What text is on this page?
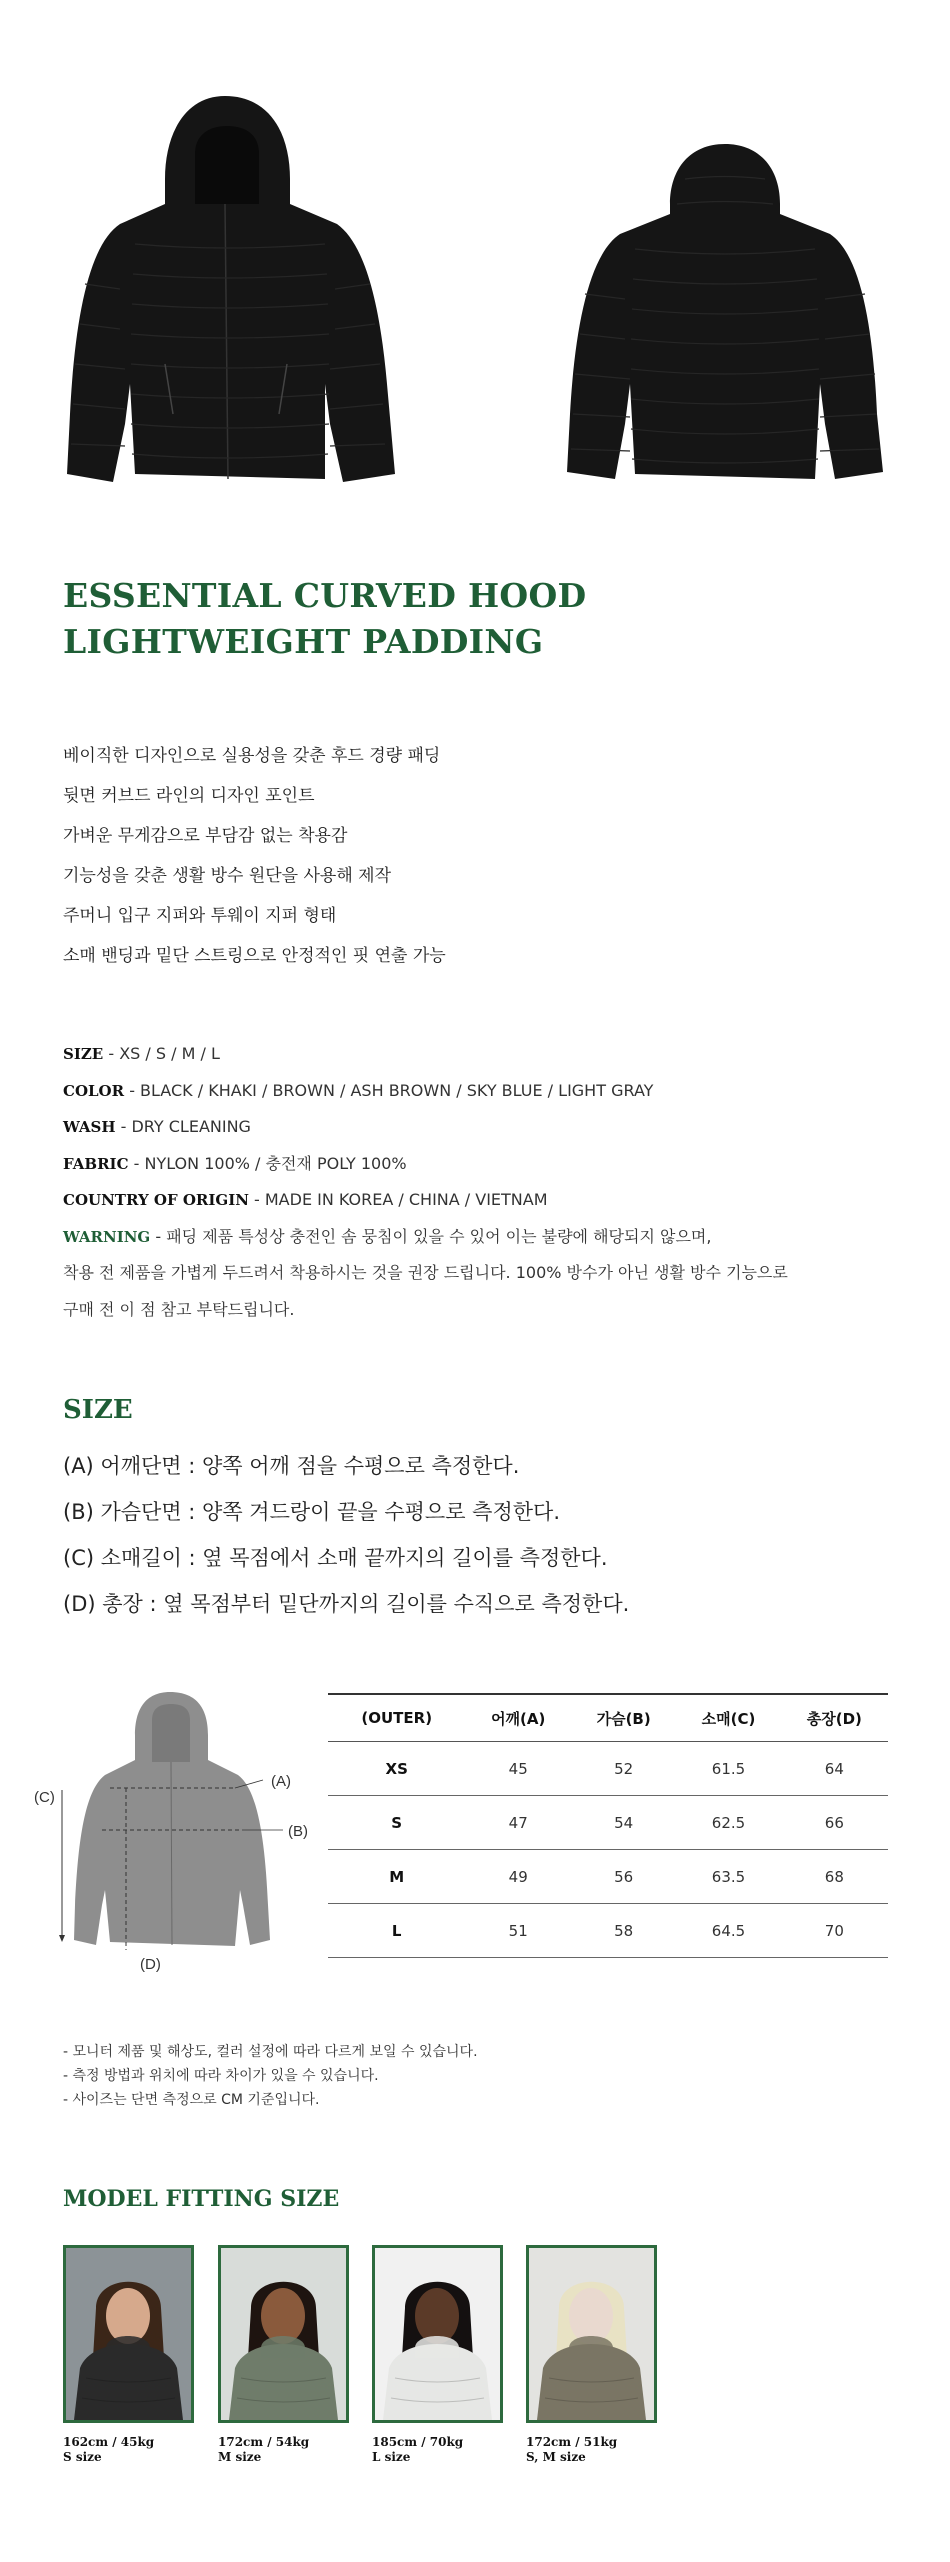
ESSENTIAL CURVED HOOD LIGHTWEIGHT PADDING
베이직한 디자인으로 실용성을 갖춘 후드 경량 패딩
뒷면 커브드 라인의 디자인 포인트
가벼운 무게감으로 부담감 없는 착용감
기능성을 갖춘 생활 방수 원단을 사용해 제작
주머니 입구 지퍼와 투웨이 지퍼 형태
소매 밴딩과 밑단 스트링으로 안정적인 핏 연출 가능
SIZE - XS / S / M / L
COLOR - BLACK / KHAKI / BROWN / ASH BROWN / SKY BLUE / LIGHT GRAY
WASH - DRY CLEANING
FABRIC - NYLON 100% / 충전재 POLY 100%
COUNTRY OF ORIGIN - MADE IN KOREA / CHINA / VIETNAM
WARNING - 패딩 제품 특성상 충전인 솜 뭉침이 있을 수 있어 이는 불량에 해당되지 않으며,
착용 전 제품을 가볍게 두드려서 착용하시는 것을 권장 드립니다. 100% 방수가 아닌 생활 방수 기능으로
구매 전 이 점 참고 부탁드립니다.
SIZE
(A) 어깨단면 : 양쪽 어깨 점을 수평으로 측정한다.
(B) 가슴단면 : 양쪽 겨드랑이 끝을 수평으로 측정한다.
(C) 소매길이 : 옆 목점에서 소매 끝까지의 길이를 측정한다.
(D) 총장 : 옆 목점부터 밑단까지의 길이를 수직으로 측정한다.
(A)
(B)
(C)
(D)
(OUTER)	어깨(A)	가슴(B)	소매(C)	총장(D)
XS	45	52	61.5	64
S	47	54	62.5	66
M	49	56	63.5	68
L	51	58	64.5	70
- 모니터 제품 및 해상도, 컬러 설정에 따라 다르게 보일 수 있습니다.
- 측정 방법과 위치에 따라 차이가 있을 수 있습니다.
- 사이즈는 단면 측정으로 CM 기준입니다.
MODEL FITTING SIZE
162cm / 45kg
S size
172cm / 54kg
M size
185cm / 70kg
L size
172cm / 51kg
S, M size
